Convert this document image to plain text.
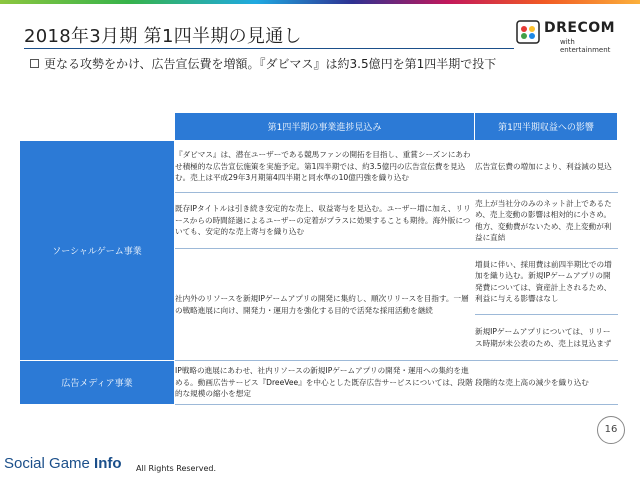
2018年3月期 第1四半期の見通し	DRECOM
with entertainment
更なる攻勢をかけ、広告宣伝費を増額。『ダビマス』は約3.5億円を第1四半期で投下
	第1四半期の事業進捗見込み	第1四半期収益への影響
ソーシャルゲーム事業	『ダビマス』は、潜在ユーザーである競馬ファンの開拓を目指し、重賞シーズンにあわせ積極的な広告宣伝施策を実施予定。第1四半期では、約3.5億円の広告宣伝費を見込む。売上は平成29年3月期第4四半期と同水準の10億円強を織り込む	広告宣伝費の増加により、利益減の見込
	既存IPタイトルは引き続き安定的な売上、収益寄与を見込む。ユーザー増に加え、リリースからの時間経過によるユーザーの定着がプラスに効果することも期待。海外版についても、安定的な売上寄与を織り込む	売上が当社分のみのネット計上であるため、売上変動の影響は相対的に小さめ。他方、変動費がないため、売上変動が利益に直結
	社内外のリソースを新規IPゲームアプリの開発に集約し、順次リリースを目指す。一層の戦略進展に向け、開発力・運用力を強化する目的で活発な採用活動を継続	増員に伴い、採用費は前四半期比での増加を織り込む。新規IPゲームアプリの開発費については、資産計上されるため、利益に与える影響はなし
		新規IPゲームアプリについては、リリース時期が未公表のため、売上は見込まず
広告メディア事業	IP戦略の進展にあわせ、社内リソースの新規IPゲームアプリの開発・運用への集約を進める。動画広告サービス『DreeVee』を中心とした既存広告サービスについては、段階的な規模の縮小を想定	段階的な売上高の減少を織り込む
16
Social Game Info All Rights Reserved.
